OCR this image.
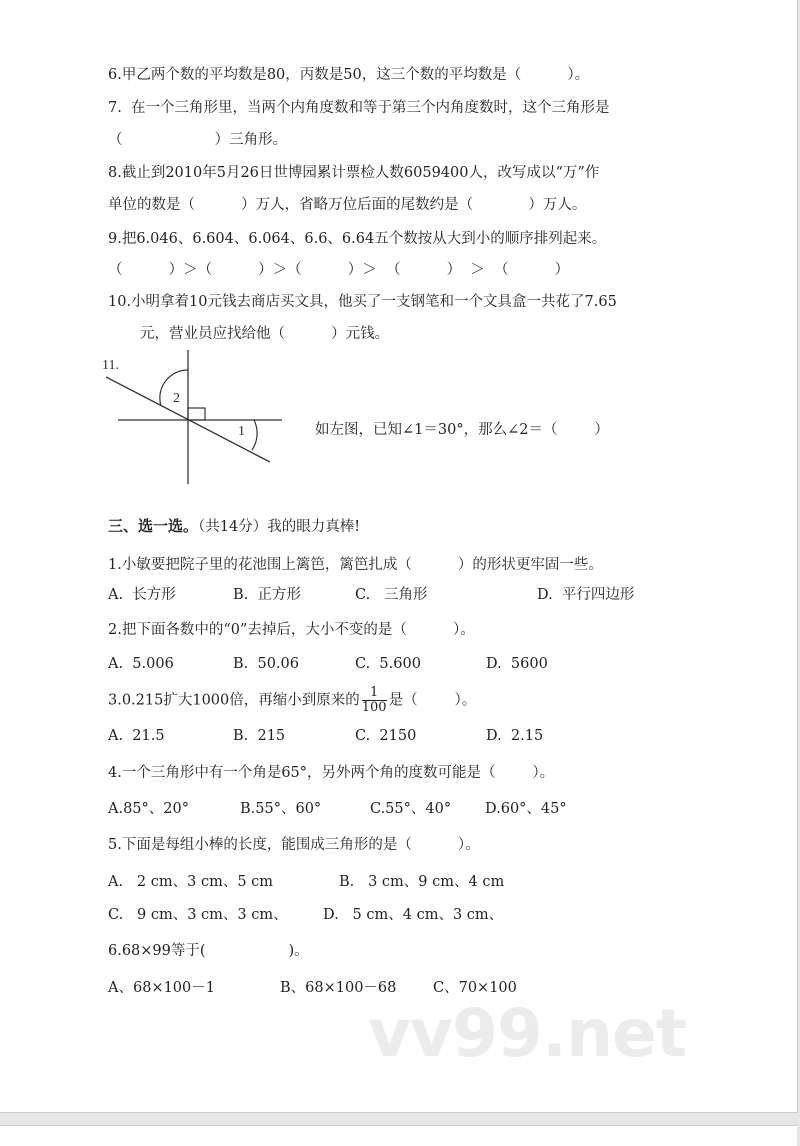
6.甲乙两个数的平均数是80，丙数是50，这三个数的平均数是（          ）。
7.  在一个三角形里，当两个内角度数和等于第三个内角度数时，这个三角形是
（                    ）三角形。
8.截止到2010年5月26日世博园累计票检人数6059400人，改写成以“万”作
单位的数是（          ）万人，省略万位后面的尾数约是（            ）万人。
9.把6.046、6.604、6.064、6.6、6.64五个数按从大到小的顺序排列起来。
（          ）＞（          ）＞（          ）＞  （          ）  ＞  （          ）
10.小明拿着10元钱去商店买文具，他买了一支钢笔和一个文具盒一共花了7.65
元，营业员应找给他（          ）元钱。
11.
2
1	如左图，已知∠1＝30°，那么∠2＝（        ）
三、选一选。（共14分）我的眼力真棒!
1.小敏要把院子里的花池围上篱笆，篱笆扎成（          ）的形状更牢固一些。
A.  长方形	B.  正方形	C.   三角形	D.  平行四边形
2.把下面各数中的“0”去掉后，大小不变的是（          ）。
A.  5.006	B.  50.06	C.  5.600	D.  5600
3.0.215扩大1000倍，再缩小到原来的 $\frac{1}{100}$ 是（        ）。
A.  21.5	B.  215	C.  2150	D.  2.15
4.一个三角形中有一个角是65°，另外两个角的度数可能是（        ）。
A.85°、20°	B.55°、60°	C.55°、40° D.60°、45°
5.下面是每组小棒的长度，能围成三角形的是（          ）。
A.   2 cm、3 cm、5 cm	B.   3 cm、9 cm、4 cm
C.   9 cm、3 cm、3 cm、 D.   5 cm、4 cm、3 cm、
6.68×99等于(                  )。
A、68×100－1	B、68×100－68	C、70×100
vv99.net
